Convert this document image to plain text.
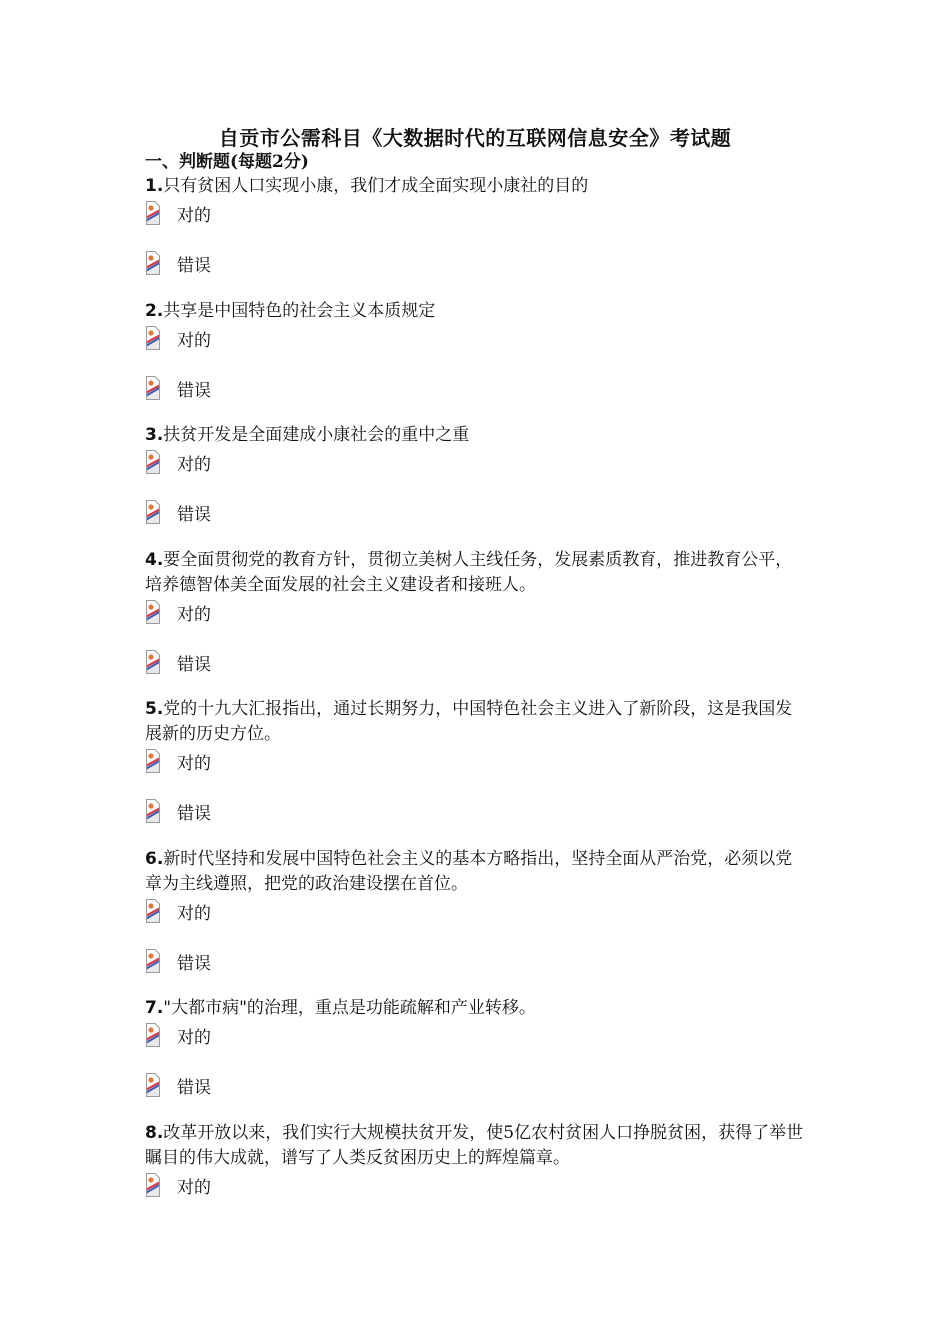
自贡市公需科目《大数据时代的互联网信息安全》考试题
一、判断题(每题2分)

1.只有贫困人口实现小康，我们才成全面实现小康社的目的

对的
错误

2.共享是中国特色的社会主义本质规定

对的
错误

3.扶贫开发是全面建成小康社会的重中之重

对的
错误

4.要全面贯彻党的教育方针，贯彻立美树人主线任务，发展素质教育，推进教育公平，培养德智体美全面发展的社会主义建设者和接班人。

对的
错误

5.党的十九大汇报指出，通过长期努力，中国特色社会主义进入了新阶段，这是我国发展新的历史方位。

对的
错误

6.新时代坚持和发展中国特色社会主义的基本方略指出，坚持全面从严治党，必须以党章为主线遵照，把党的政治建设摆在首位。

对的
错误

7."大都市病"的治理，重点是功能疏解和产业转移。

对的
错误

8.改革开放以来，我们实行大规模扶贫开发，使5亿农村贫困人口挣脱贫困，获得了举世瞩目的伟大成就，谱写了人类反贫困历史上的辉煌篇章。

对的
